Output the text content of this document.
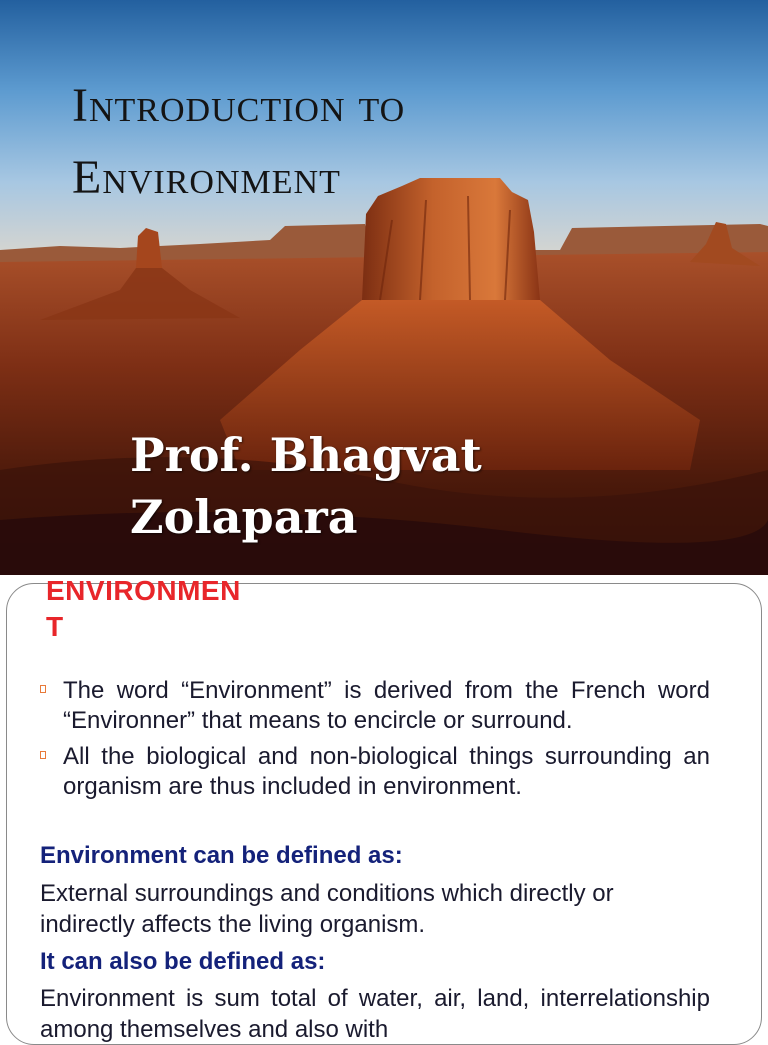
Introduction to
Environment
Prof. Bhagvat
Zolapara
ENVIRONMEN
T
The word “Environment” is derived from the French word “Environner” that means to encircle or surround.
All the biological and non-biological things surrounding an organism are thus included in environment.

Environment can be defined as:

External surroundings and conditions which directly or indirectly affects the living organism.

It can also be defined as:

Environment is sum total of water, air, land, interrelationship among themselves and also with
